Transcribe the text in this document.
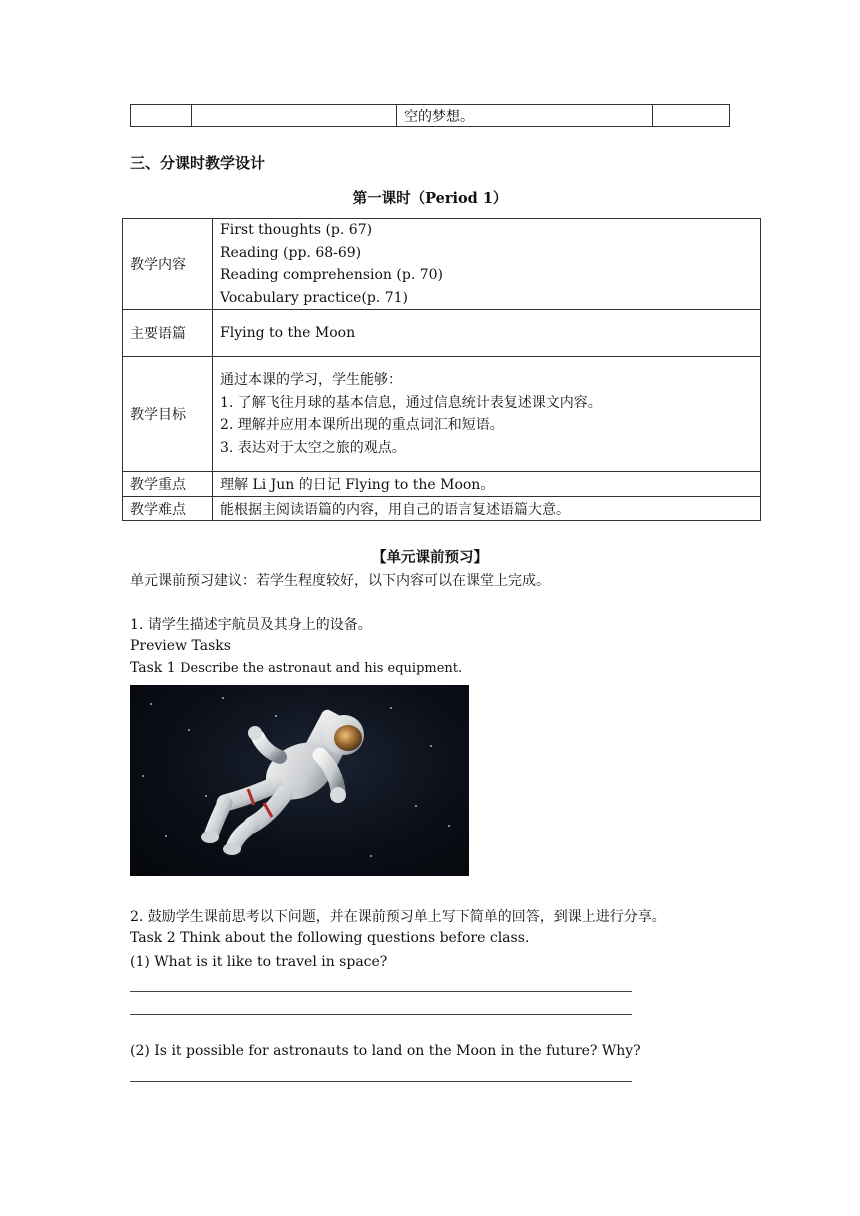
		空的梦想。	
三、分课时教学设计
第一课时（Period 1）
教学内容	First thoughts (p. 67)
Reading (pp. 68-69)
Reading comprehension (p. 70)
Vocabulary practice(p. 71)

主要语篇	Flying to the Moon

教学目标	通过本课的学习，学生能够：
1. 了解飞往月球的基本信息，通过信息统计表复述课文内容。
2. 理解并应用本课所出现的重点词汇和短语。
3. 表达对于太空之旅的观点。

教学重点	理解 Li Jun 的日记 Flying to the Moon。

教学难点	能根据主阅读语篇的内容，用自己的语言复述语篇大意。
【单元课前预习】
单元课前预习建议：若学生程度较好，以下内容可以在课堂上完成。
1. 请学生描述宇航员及其身上的设备。
Preview Tasks
Task 1 Describe the astronaut and his equipment.
2. 鼓励学生课前思考以下问题，并在课前预习单上写下简单的回答，到课上进行分享。
Task 2 Think about the following questions before class.
(1) What is it like to travel in space?
(2) Is it possible for astronauts to land on the Moon in the future? Why?
